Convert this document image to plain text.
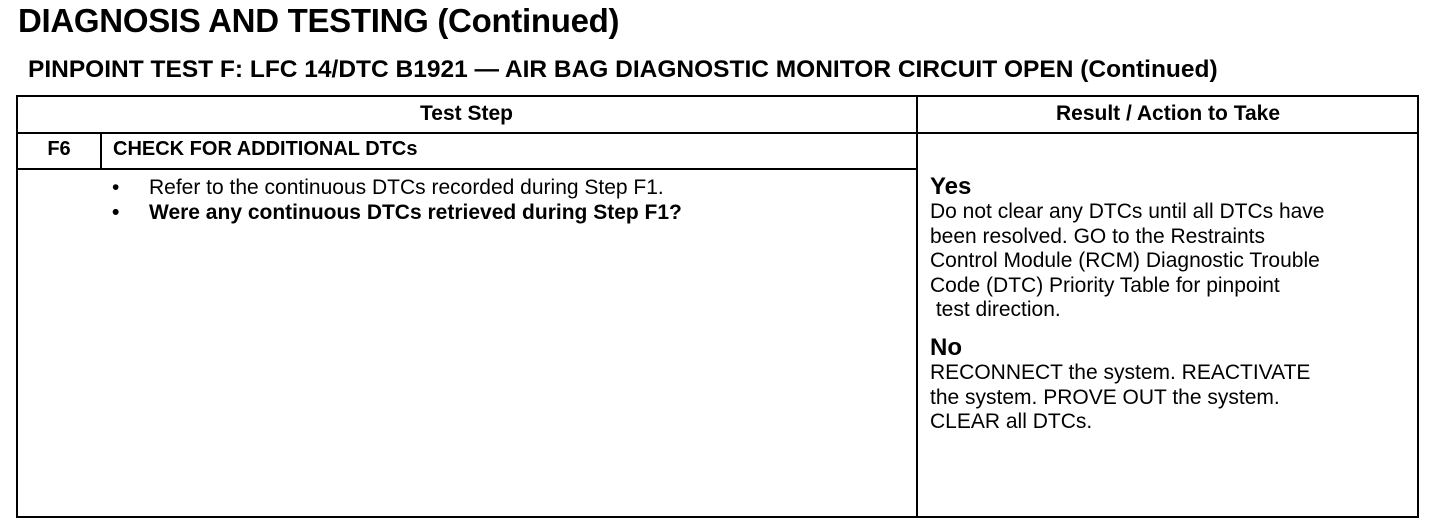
DIAGNOSIS AND TESTING (Continued)
PINPOINT TEST F: LFC 14/DTC B1921 — AIR BAG DIAGNOSTIC MONITOR CIRCUIT OPEN (Continued)
Test Step	Result / Action to Take
F6	CHECK FOR ADDITIONAL DTCs
• Refer to the continuous DTCs recorded during Step F1.
• Were any continuous DTCs retrieved during Step F1?
Yes
Do not clear any DTCs until all DTCs have
been resolved. GO to the Restraints
Control Module (RCM) Diagnostic Trouble
Code (DTC) Priority Table for pinpoint
test direction.
No
RECONNECT the system. REACTIVATE
the system. PROVE OUT the system.
CLEAR all DTCs.
